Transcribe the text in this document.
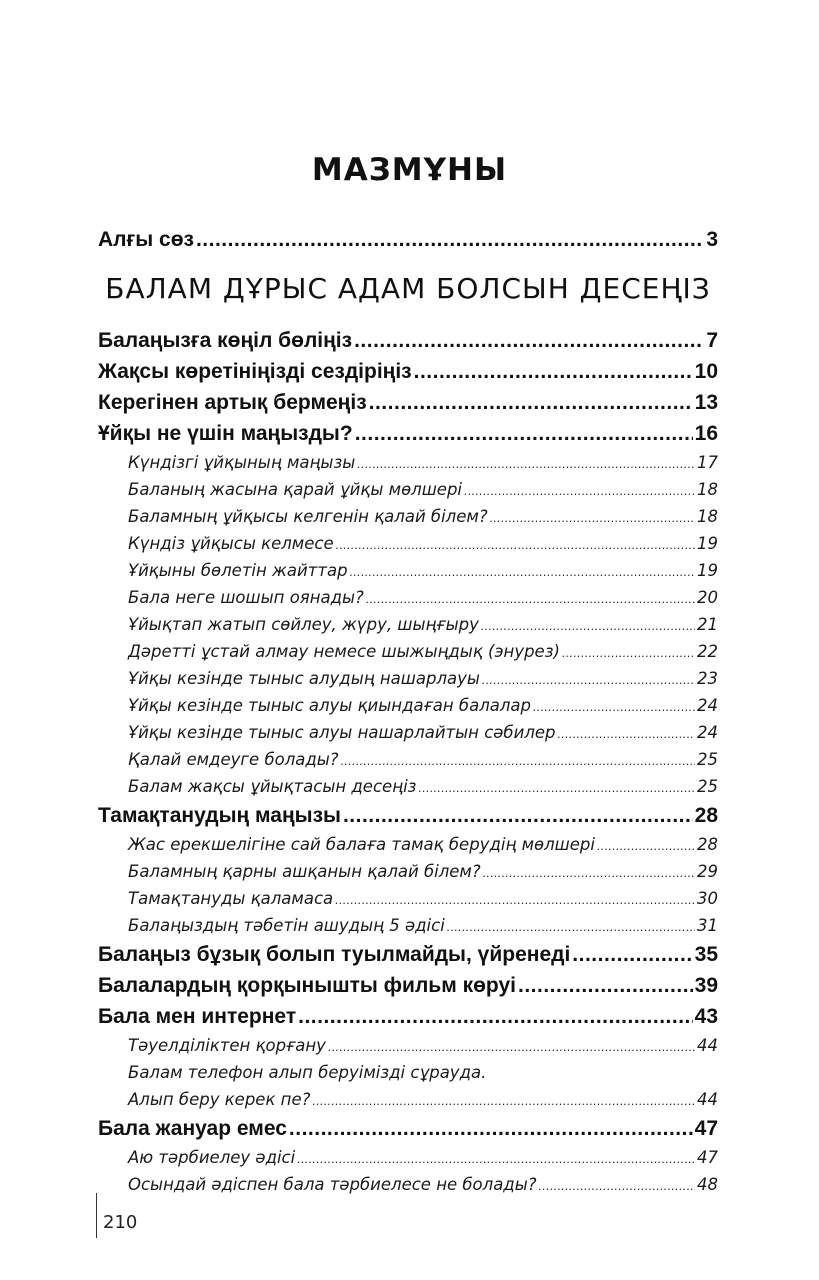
МАЗМҰНЫ
Алғы сөз .....	3
БАЛАМ ДҰРЫС АДАМ БОЛСЫН ДЕСЕҢІЗ
Балаңызға көңіл бөліңіз .....	7
Жақсы көретініңізді сездіріңіз .....	10
Керегінен артық бермеңіз .....	13
Ұйқы не үшін маңызды? .....	16
Күндізгі ұйқының маңызы .....	17
Баланың жасына қарай ұйқы мөлшері .....	18
Баламның ұйқысы келгенін қалай білем? .....	18
Күндіз ұйқысы келмесе .....	19
Ұйқыны бөлетін жайттар .....	19
Бала неге шошып оянады? .....	20
Ұйықтап жатып сөйлеу, жүру, шыңғыру .....	21
Дәретті ұстай алмау немесе шыжыңдық (энурез) .....	22
Ұйқы кезінде тыныс алудың нашарлауы .....	23
Ұйқы кезінде тыныс алуы қиындаған балалар .....	24
Ұйқы кезінде тыныс алуы нашарлайтын сәбилер .....	24
Қалай емдеуге болады? .....	25
Балам жақсы ұйықтасын десеңіз .....	25
Тамақтанудың маңызы .....	28
Жас ерекшелігіне сай балаға тамақ берудің мөлшері .....	28
Баламның қарны ашқанын қалай білем? .....	29
Тамақтануды қаламаса .....	30
Балаңыздың тәбетін ашудың 5 әдісі .....	31
Балаңыз бұзық болып туылмайды, үйренеді .....	35
Балалардың қорқынышты фильм көруі .....	39
Бала мен интернет .....	43
Тәуелділіктен қорғану .....	44
Балам телефон алып беруімізді сұрауда.
Алып беру керек пе? .....	44
Бала жануар емес .....	47
Аю тәрбиелеу әдісі .....	47
Осындай әдіспен бала тәрбиелесе не болады? .....	48
210
